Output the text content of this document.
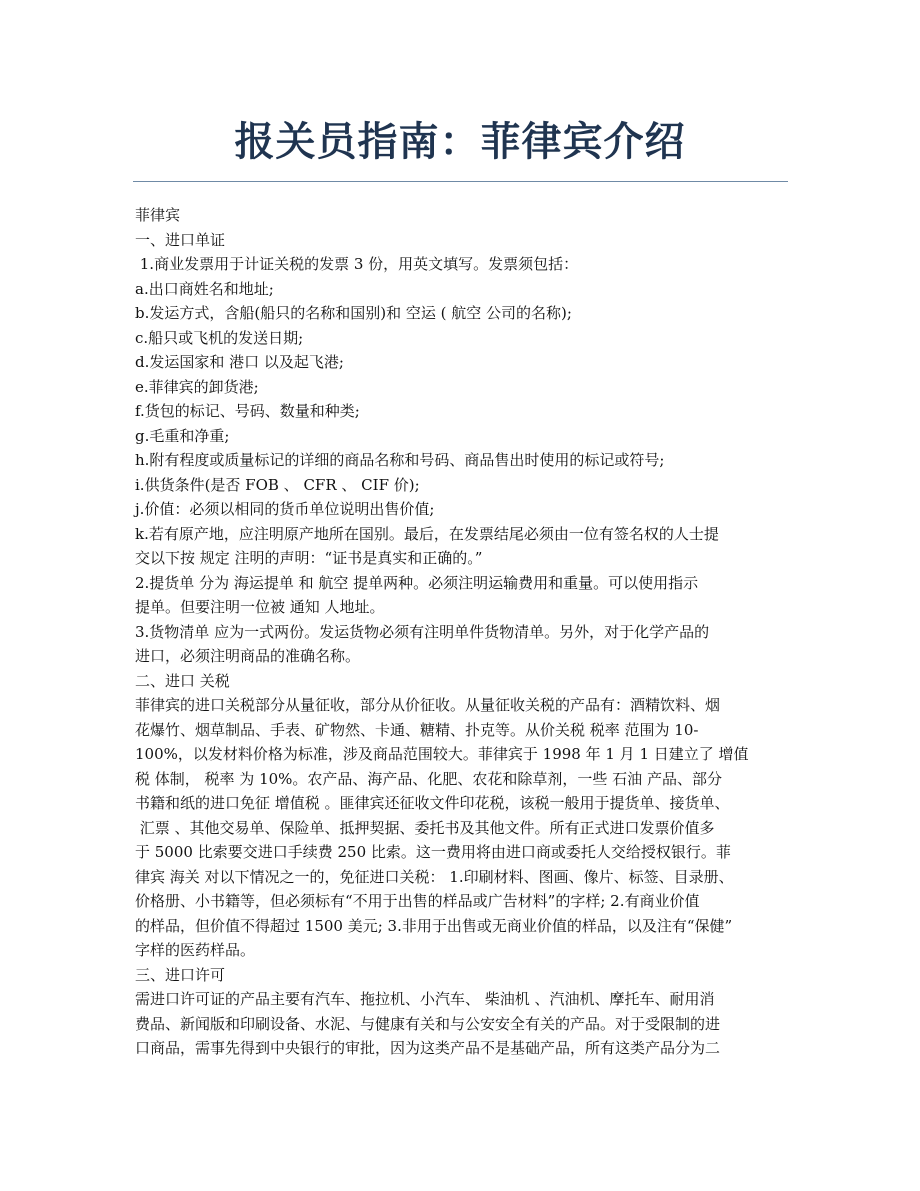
报关员指南：菲律宾介绍
菲律宾
一、进口单证
1.商业发票用于计证关税的发票 3 份，用英文填写。发票须包括：
a.出口商姓名和地址;
b.发运方式，含船(船只的名称和国别)和 空运 ( 航空 公司的名称);
c.船只或飞机的发送日期;
d.发运国家和 港口 以及起飞港;
e.菲律宾的卸货港;
f.货包的标记、号码、数量和种类;
g.毛重和净重;
h.附有程度或质量标记的详细的商品名称和号码、商品售出时使用的标记或符号;
i.供货条件(是否 FOB 、 CFR 、 CIF 价);
j.价值：必须以相同的货币单位说明出售价值;
k.若有原产地，应注明原产地所在国别。最后，在发票结尾必须由一位有签名权的人士提
交以下按 规定 注明的声明：“证书是真实和正确的。”
2.提货单 分为 海运提单 和 航空 提单两种。必须注明运输费用和重量。可以使用指示
提单。但要注明一位被 通知 人地址。
3.货物清单 应为一式两份。发运货物必须有注明单件货物清单。另外，对于化学产品的
进口，必须注明商品的准确名称。
二、进口 关税
菲律宾的进口关税部分从量征收，部分从价征收。从量征收关税的产品有：酒精饮料、烟
花爆竹、烟草制品、手表、矿物然、卡通、糖精、扑克等。从价关税 税率 范围为 10-
100%，以发材料价格为标准，涉及商品范围较大。菲律宾于 1998 年 1 月 1 日建立了 增值
税 体制， 税率 为 10%。农产品、海产品、化肥、农花和除草剂，一些 石油 产品、部分
书籍和纸的进口免征 增值税 。匪律宾还征收文件印花税，该税一般用于提货单、接货单、
汇票 、其他交易单、保险单、抵押契据、委托书及其他文件。所有正式进口发票价值多
于 5000 比索要交进口手续费 250 比索。这一费用将由进口商或委托人交给授权银行。菲
律宾 海关 对以下情况之一的，免征进口关税： 1.印刷材料、图画、像片、标签、目录册、
价格册、小书籍等，但必须标有“不用于出售的样品或广告材料”的字样; 2.有商业价值
的样品，但价值不得超过 1500 美元; 3.非用于出售或无商业价值的样品，以及注有“保健”
字样的医药样品。
三、进口许可
需进口许可证的产品主要有汽车、拖拉机、小汽车、 柴油机 、汽油机、摩托车、耐用消
费品、新闻版和印刷设备、水泥、与健康有关和与公安安全有关的产品。对于受限制的进
口商品，需事先得到中央银行的审批，因为这类产品不是基础产品，所有这类产品分为二
